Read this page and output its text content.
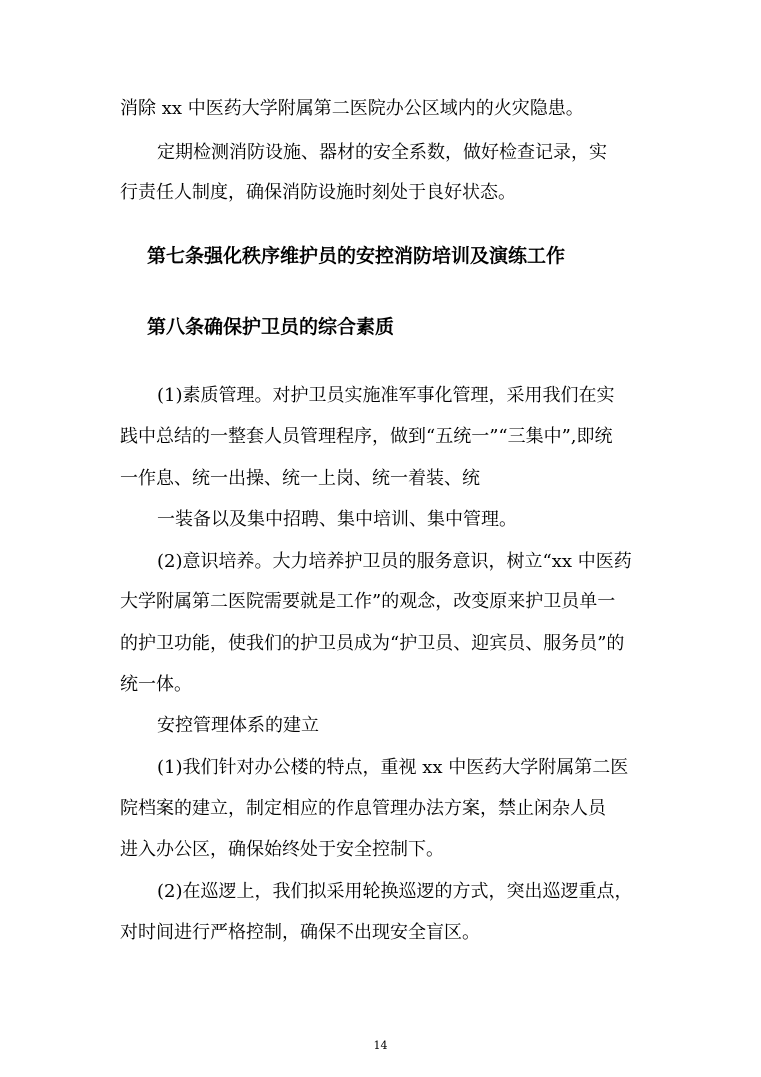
消除 xx 中医药大学附属第二医院办公区域内的火灾隐患。
定期检测消防设施、器材的安全系数，做好检查记录，实
行责任人制度，确保消防设施时刻处于良好状态。
第七条强化秩序维护员的安控消防培训及演练工作
第八条确保护卫员的综合素质
(1)素质管理。对护卫员实施准军事化管理，采用我们在实
践中总结的一整套人员管理程序，做到“五统一”“三集中”,即统
一作息、统一出操、统一上岗、统一着装、统
一装备以及集中招聘、集中培训、集中管理。
(2)意识培养。大力培养护卫员的服务意识，树立“xx 中医药
大学附属第二医院需要就是工作”的观念，改变原来护卫员单一
的护卫功能，使我们的护卫员成为“护卫员、迎宾员、服务员”的
统一体。
安控管理体系的建立
(1)我们针对办公楼的特点，重视 xx 中医药大学附属第二医
院档案的建立，制定相应的作息管理办法方案，禁止闲杂人员
进入办公区，确保始终处于安全控制下。
(2)在巡逻上，我们拟采用轮换巡逻的方式，突出巡逻重点，
对时间进行严格控制，确保不出现安全盲区。
14
